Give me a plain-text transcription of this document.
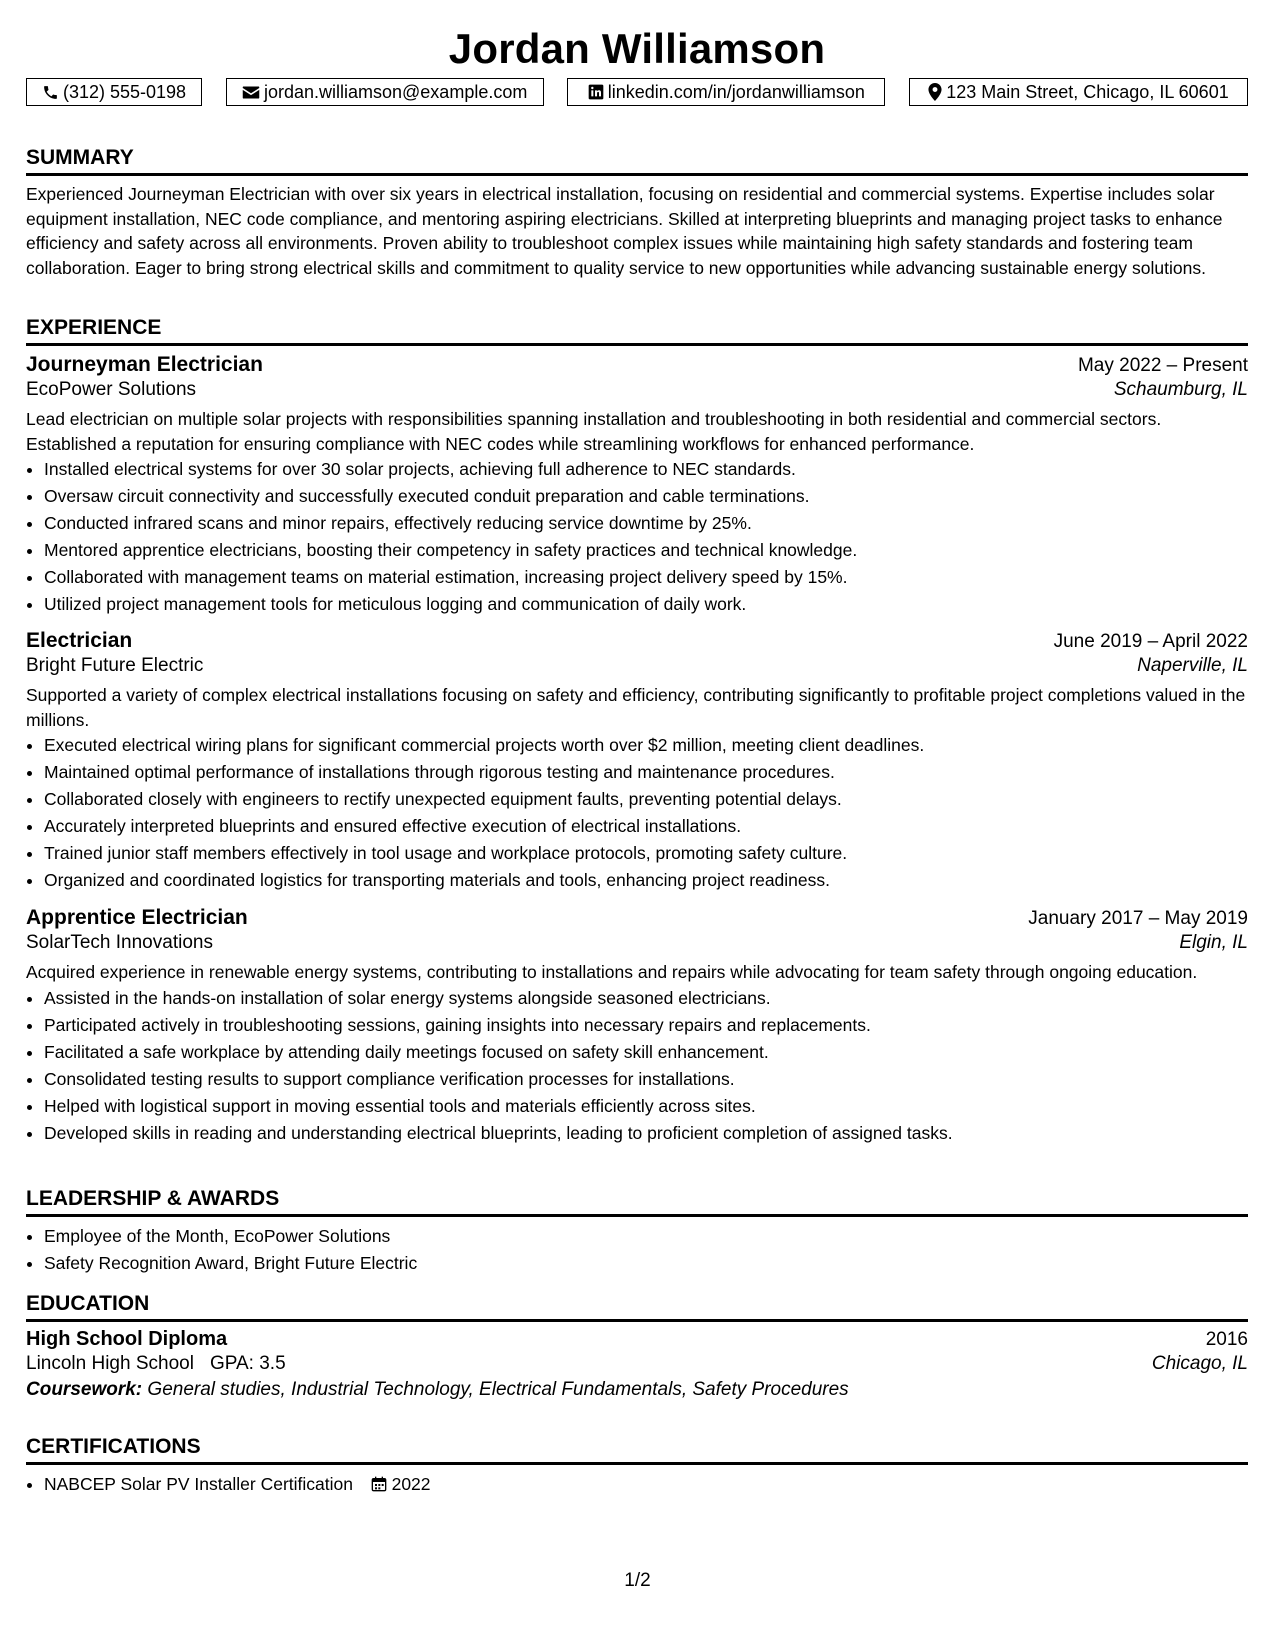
Jordan Williamson
(312) 555-0198	jordan.williamson@example.com	linkedin.com/in/jordanwilliamson	123 Main Street, Chicago, IL 60601
SUMMARY
Experienced Journeyman Electrician with over six years in electrical installation, focusing on residential and commercial systems. Expertise includes solar equipment installation, NEC code compliance, and mentoring aspiring electricians. Skilled at interpreting blueprints and managing project tasks to enhance efficiency and safety across all environments. Proven ability to troubleshoot complex issues while maintaining high safety standards and fostering team collaboration. Eager to bring strong electrical skills and commitment to quality service to new opportunities while advancing sustainable energy solutions.
EXPERIENCE
Journeyman Electrician	May 2022 – Present
EcoPower Solutions	Schaumburg, IL
Lead electrician on multiple solar projects with responsibilities spanning installation and troubleshooting in both residential and commercial sectors. Established a reputation for ensuring compliance with NEC codes while streamlining workflows for enhanced performance.
• Installed electrical systems for over 30 solar projects, achieving full adherence to NEC standards.
• Oversaw circuit connectivity and successfully executed conduit preparation and cable terminations.
• Conducted infrared scans and minor repairs, effectively reducing service downtime by 25%.
• Mentored apprentice electricians, boosting their competency in safety practices and technical knowledge.
• Collaborated with management teams on material estimation, increasing project delivery speed by 15%.
• Utilized project management tools for meticulous logging and communication of daily work.
Electrician	June 2019 – April 2022
Bright Future Electric	Naperville, IL
Supported a variety of complex electrical installations focusing on safety and efficiency, contributing significantly to profitable project completions valued in the millions.
• Executed electrical wiring plans for significant commercial projects worth over $2 million, meeting client deadlines.
• Maintained optimal performance of installations through rigorous testing and maintenance procedures.
• Collaborated closely with engineers to rectify unexpected equipment faults, preventing potential delays.
• Accurately interpreted blueprints and ensured effective execution of electrical installations.
• Trained junior staff members effectively in tool usage and workplace protocols, promoting safety culture.
• Organized and coordinated logistics for transporting materials and tools, enhancing project readiness.
Apprentice Electrician	January 2017 – May 2019
SolarTech Innovations	Elgin, IL
Acquired experience in renewable energy systems, contributing to installations and repairs while advocating for team safety through ongoing education.
• Assisted in the hands-on installation of solar energy systems alongside seasoned electricians.
• Participated actively in troubleshooting sessions, gaining insights into necessary repairs and replacements.
• Facilitated a safe workplace by attending daily meetings focused on safety skill enhancement.
• Consolidated testing results to support compliance verification processes for installations.
• Helped with logistical support in moving essential tools and materials efficiently across sites.
• Developed skills in reading and understanding electrical blueprints, leading to proficient completion of assigned tasks.
LEADERSHIP & AWARDS
• Employee of the Month, EcoPower Solutions
• Safety Recognition Award, Bright Future Electric
EDUCATION
High School Diploma	2016
Lincoln High School GPA: 3.5	Chicago, IL
Coursework: General studies, Industrial Technology, Electrical Fundamentals, Safety Procedures
CERTIFICATIONS
• NABCEP Solar PV Installer Certification 2022
1/2
